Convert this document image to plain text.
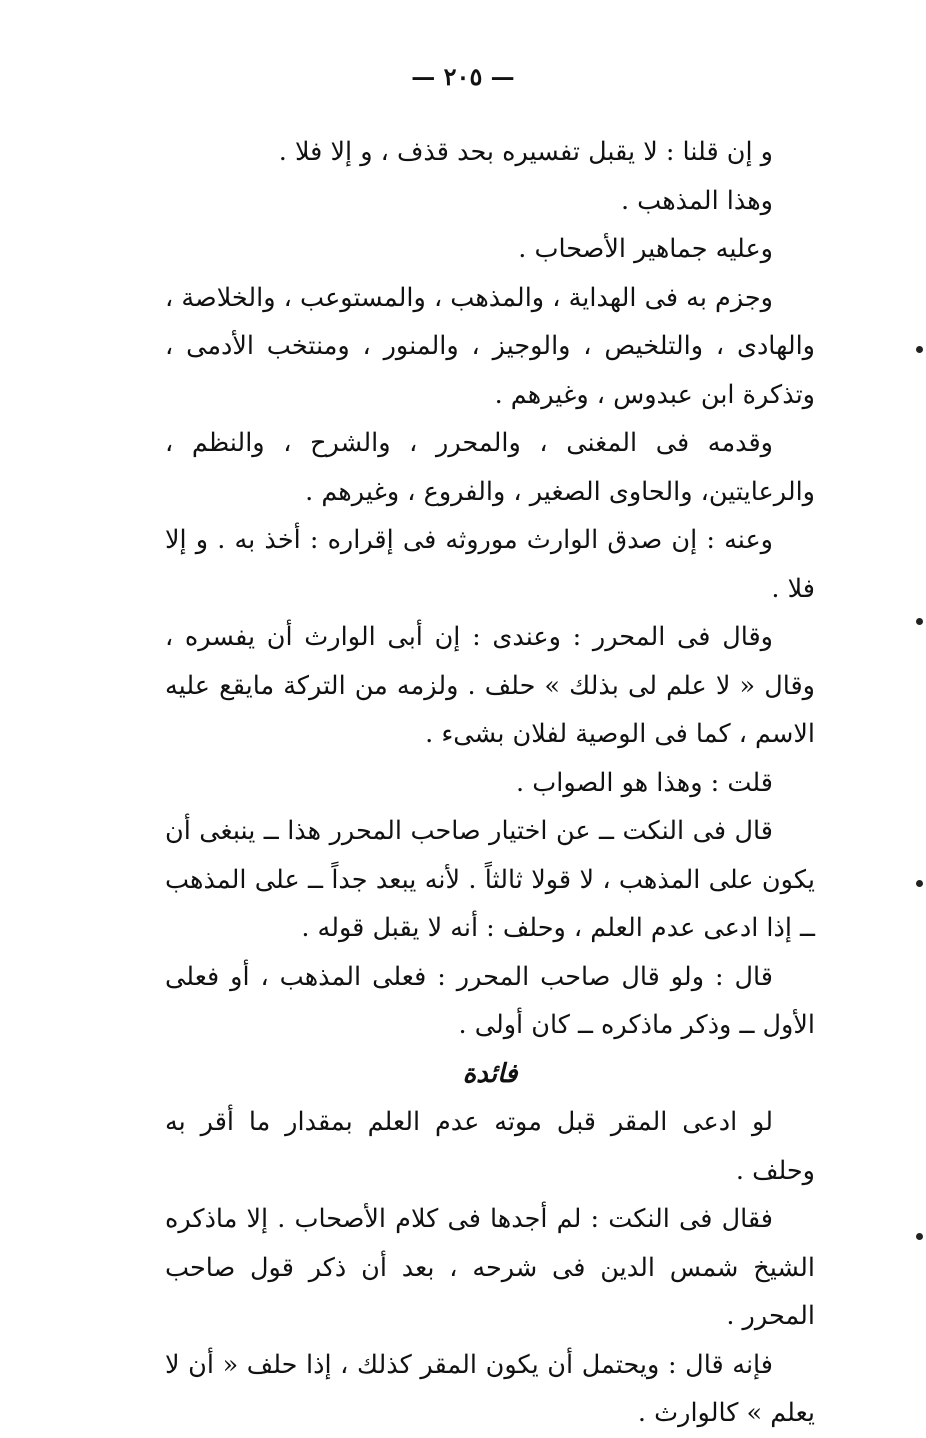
— ٢٠٥ —

و إن قلنا : لا يقبل تفسيره بحد قذف ، و إلا فلا .

وهذا المذهب .

وعليه جماهير الأصحاب .

وجزم به فى الهداية ، والمذهب ، والمستوعب ، والخلاصة ، والهادى ، والتلخيص ، والوجيز ، والمنور ، ومنتخب الأدمى ، وتذكرة ابن عبدوس ، وغيرهم .

وقدمه فى المغنى ، والمحرر ، والشرح ، والنظم ، والرعايتين، والحاوى الصغير ، والفروع ، وغيرهم .

وعنه : إن صدق الوارث موروثه فى إقراره : أخذ به . و إلا فلا .

وقال فى المحرر : وعندى : إن أبى الوارث أن يفسره ، وقال « لا علم لى بذلك » حلف . ولزمه من التركة مايقع عليه الاسم ، كما فى الوصية لفلان بشىء .

قلت : وهذا هو الصواب .

قال فى النكت ــ عن اختيار صاحب المحرر هذا ــ ينبغى أن يكون على المذهب ، لا قولا ثالثاً . لأنه يبعد جداً ــ على المذهب ــ إذا ادعى عدم العلم ، وحلف : أنه لا يقبل قوله .

قال : ولو قال صاحب المحرر : فعلى المذهب ، أو فعلى الأول ــ وذكر ماذكره ــ كان أولى .

فائدة

لو ادعى المقر قبل موته عدم العلم بمقدار ما أقر به وحلف .

فقال فى النكت : لم أجدها فى كلام الأصحاب . إلا ماذكره الشيخ شمس الدين فى شرحه ، بعد أن ذكر قول صاحب المحرر .

فإنه قال : ويحتمل أن يكون المقر كذلك ، إذا حلف « أن لا يعلم » كالوارث .
